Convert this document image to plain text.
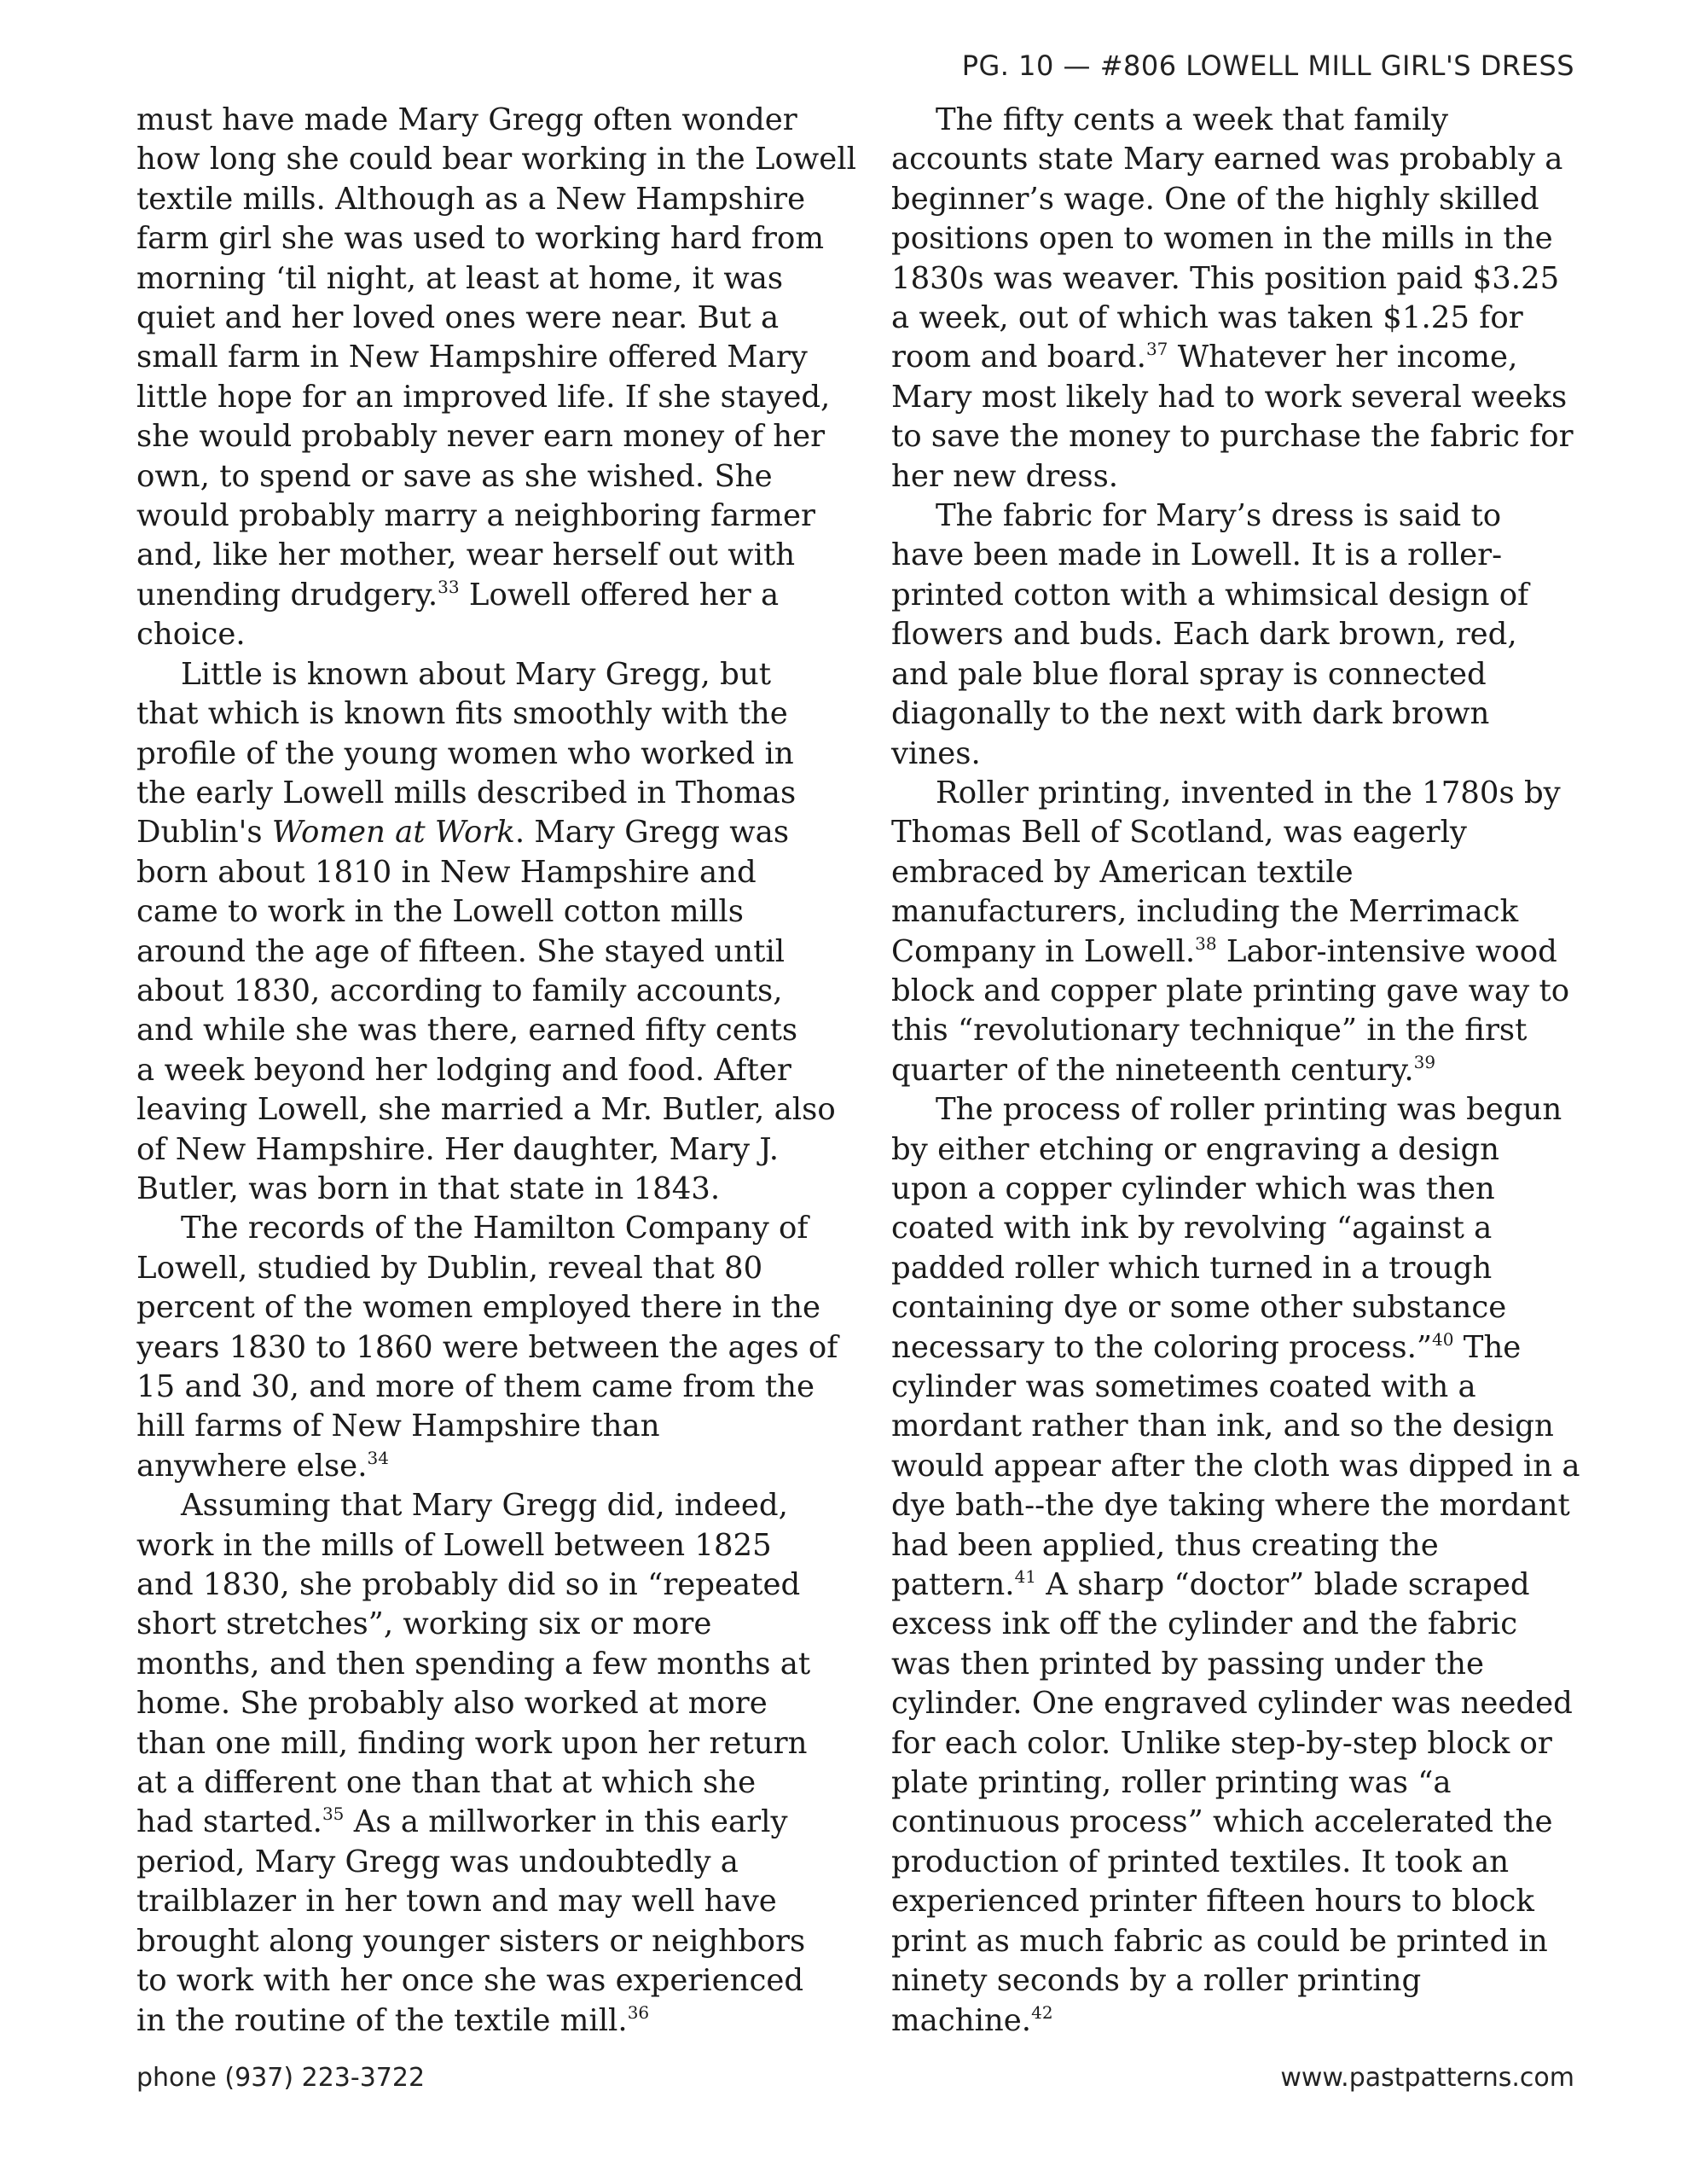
PG. 10 — #806 LOWELL MILL GIRL'S DRESS
must have made Mary Gregg often wonder
how long she could bear working in the Lowell
textile mills. Although as a New Hampshire
farm girl she was used to working hard from
morning ‘til night, at least at home, it was
quiet and her loved ones were near. But a
small farm in New Hampshire offered Mary
little hope for an improved life. If she stayed,
she would probably never earn money of her
own, to spend or save as she wished. She
would probably marry a neighboring farmer
and, like her mother, wear herself out with
unending drudgery.$^{33}$ Lowell offered her a
choice.
Little is known about Mary Gregg, but
that which is known fits smoothly with the
profile of the young women who worked in
the early Lowell mills described in Thomas
Dublin's Women at Work. Mary Gregg was
born about 1810 in New Hampshire and
came to work in the Lowell cotton mills
around the age of fifteen. She stayed until
about 1830, according to family accounts,
and while she was there, earned fifty cents
a week beyond her lodging and food. After
leaving Lowell, she married a Mr. Butler, also
of New Hampshire. Her daughter, Mary J.
Butler, was born in that state in 1843.
The records of the Hamilton Company of
Lowell, studied by Dublin, reveal that 80
percent of the women employed there in the
years 1830 to 1860 were between the ages of
15 and 30, and more of them came from the
hill farms of New Hampshire than
anywhere else.$^{34}$
Assuming that Mary Gregg did, indeed,
work in the mills of Lowell between 1825
and 1830, she probably did so in “repeated
short stretches”, working six or more
months, and then spending a few months at
home. She probably also worked at more
than one mill, finding work upon her return
at a different one than that at which she
had started.$^{35}$ As a millworker in this early
period, Mary Gregg was undoubtedly a
trailblazer in her town and may well have
brought along younger sisters or neighbors
to work with her once she was experienced
in the routine of the textile mill.$^{36}$
The fifty cents a week that family
accounts state Mary earned was probably a
beginner’s wage. One of the highly skilled
positions open to women in the mills in the
1830s was weaver. This position paid $3.25
a week, out of which was taken $1.25 for
room and board.$^{37}$ Whatever her income,
Mary most likely had to work several weeks
to save the money to purchase the fabric for
her new dress.
The fabric for Mary’s dress is said to
have been made in Lowell. It is a roller-
printed cotton with a whimsical design of
flowers and buds. Each dark brown, red,
and pale blue floral spray is connected
diagonally to the next with dark brown
vines.
Roller printing, invented in the 1780s by
Thomas Bell of Scotland, was eagerly
embraced by American textile
manufacturers, including the Merrimack
Company in Lowell.$^{38}$ Labor-intensive wood
block and copper plate printing gave way to
this “revolutionary technique” in the first
quarter of the nineteenth century.$^{39}$
The process of roller printing was begun
by either etching or engraving a design
upon a copper cylinder which was then
coated with ink by revolving “against a
padded roller which turned in a trough
containing dye or some other substance
necessary to the coloring process.”$^{40}$ The
cylinder was sometimes coated with a
mordant rather than ink, and so the design
would appear after the cloth was dipped in a
dye bath--the dye taking where the mordant
had been applied, thus creating the
pattern.$^{41}$ A sharp “doctor” blade scraped
excess ink off the cylinder and the fabric
was then printed by passing under the
cylinder. One engraved cylinder was needed
for each color. Unlike step-by-step block or
plate printing, roller printing was “a
continuous process” which accelerated the
production of printed textiles. It took an
experienced printer fifteen hours to block
print as much fabric as could be printed in
ninety seconds by a roller printing
machine.$^{42}$
phone (937) 223-3722	www.pastpatterns.com
